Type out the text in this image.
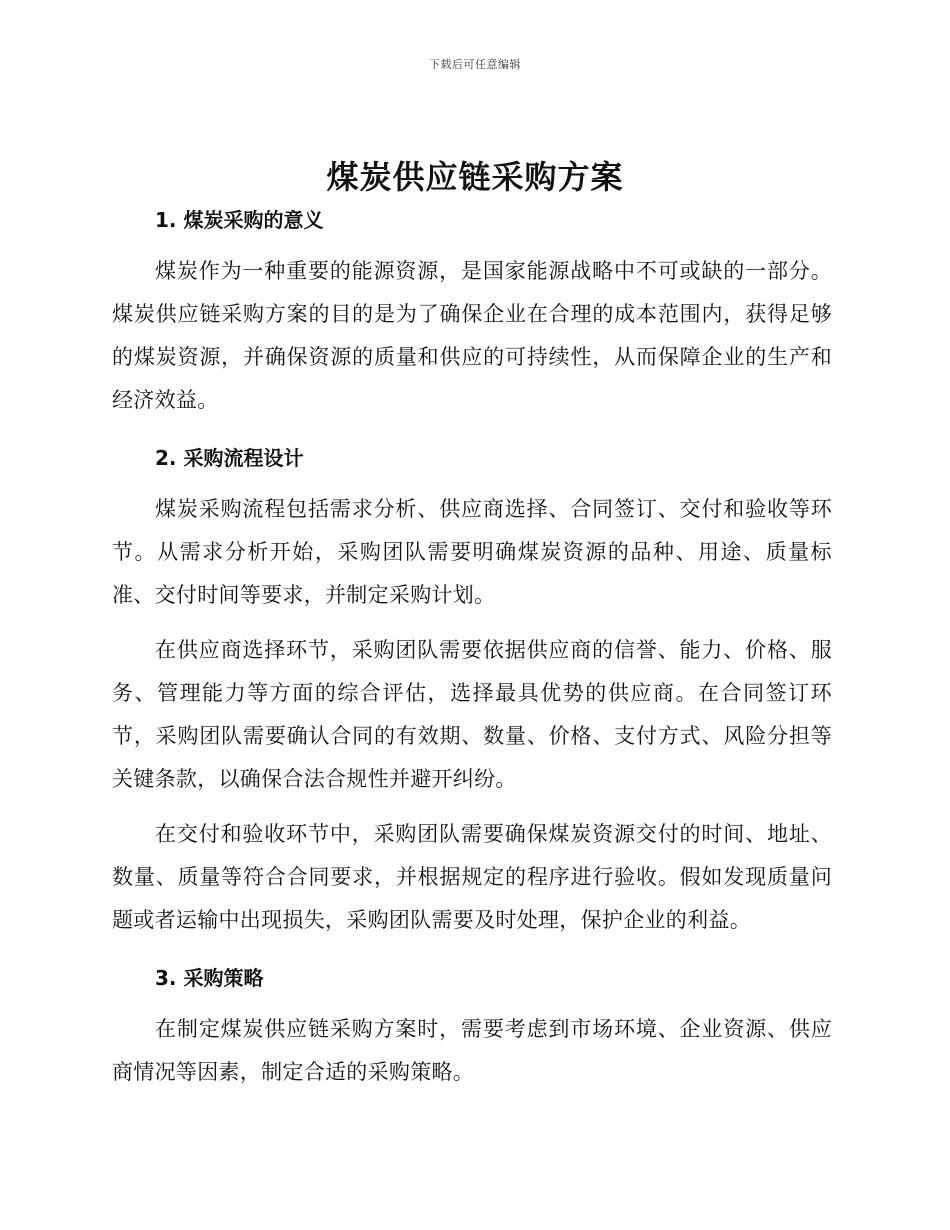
下载后可任意编辑
煤炭供应链采购方案
1. 煤炭采购的意义

煤炭作为一种重要的能源资源，是国家能源战略中不可或缺的一部分。煤炭供应链采购方案的目的是为了确保企业在合理的成本范围内，获得足够的煤炭资源，并确保资源的质量和供应的可持续性，从而保障企业的生产和经济效益。

2. 采购流程设计

煤炭采购流程包括需求分析、供应商选择、合同签订、交付和验收等环节。从需求分析开始，采购团队需要明确煤炭资源的品种、用途、质量标准、交付时间等要求，并制定采购计划。

在供应商选择环节，采购团队需要依据供应商的信誉、能力、价格、服务、管理能力等方面的综合评估，选择最具优势的供应商。在合同签订环节，采购团队需要确认合同的有效期、数量、价格、支付方式、风险分担等关键条款，以确保合法合规性并避开纠纷。

在交付和验收环节中，采购团队需要确保煤炭资源交付的时间、地址、数量、质量等符合合同要求，并根据规定的程序进行验收。假如发现质量问题或者运输中出现损失，采购团队需要及时处理，保护企业的利益。

3. 采购策略

在制定煤炭供应链采购方案时，需要考虑到市场环境、企业资源、供应商情况等因素，制定合适的采购策略。
